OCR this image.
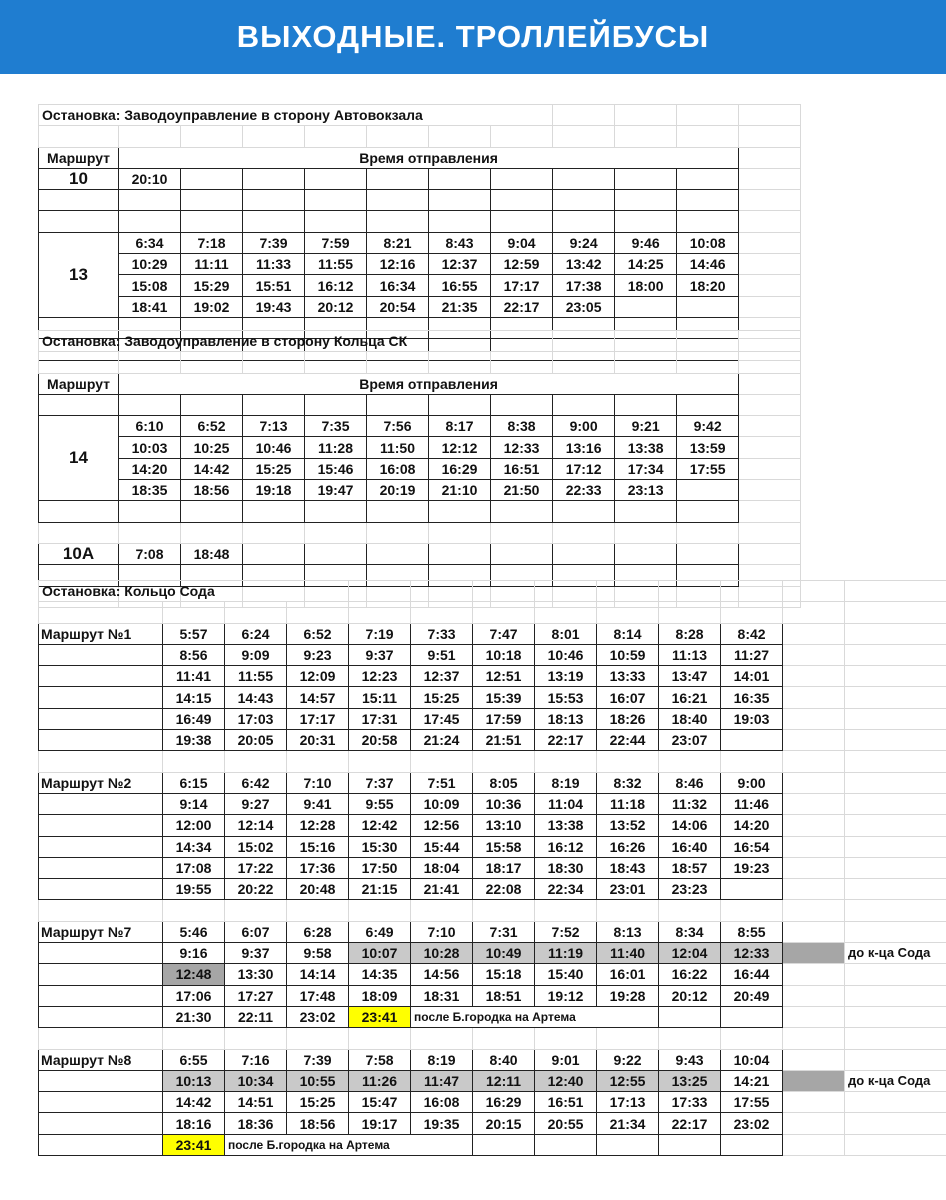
ВЫХОДНЫЕ. ТРОЛЛЕЙБУСЫ
Остановка: Заводоуправление в сторону Автовокзала											

Маршрут	Время отправления										
10	20:10										

13	6:34	7:18	7:39	7:59	8:21	8:43	9:04	9:24	9:46	10:08	
	10:29	11:11	11:33	11:55	12:16	12:37	12:59	13:42	14:25	14:46	
	15:08	15:29	15:51	16:12	16:34	16:55	17:17	17:38	18:00	18:20	
	18:41	19:02	19:43	20:12	20:54	21:35	22:17	23:05			

Остановка: Заводоуправление в сторону Кольца СК											

Маршрут	Время отправления										

14	6:10	6:52	7:13	7:35	7:56	8:17	8:38	9:00	9:21	9:42	
	10:03	10:25	10:46	11:28	11:50	12:12	12:33	13:16	13:38	13:59	
	14:20	14:42	15:25	15:46	16:08	16:29	16:51	17:12	17:34	17:55	
	18:35	18:56	19:18	19:47	20:19	21:10	21:50	22:33	23:13		

10А	7:08	18:48									

Остановка: Кольцо Сода												

Маршрут №1	5:57	6:24	6:52	7:19	7:33	7:47	8:01	8:14	8:28	8:42		
	8:56	9:09	9:23	9:37	9:51	10:18	10:46	10:59	11:13	11:27		
	11:41	11:55	12:09	12:23	12:37	12:51	13:19	13:33	13:47	14:01		
	14:15	14:43	14:57	15:11	15:25	15:39	15:53	16:07	16:21	16:35		
	16:49	17:03	17:17	17:31	17:45	17:59	18:13	18:26	18:40	19:03		
	19:38	20:05	20:31	20:58	21:24	21:51	22:17	22:44	23:07			

Маршрут №2	6:15	6:42	7:10	7:37	7:51	8:05	8:19	8:32	8:46	9:00		
	9:14	9:27	9:41	9:55	10:09	10:36	11:04	11:18	11:32	11:46		
	12:00	12:14	12:28	12:42	12:56	13:10	13:38	13:52	14:06	14:20		
	14:34	15:02	15:16	15:30	15:44	15:58	16:12	16:26	16:40	16:54		
	17:08	17:22	17:36	17:50	18:04	18:17	18:30	18:43	18:57	19:23		
	19:55	20:22	20:48	21:15	21:41	22:08	22:34	23:01	23:23			

Маршрут №7	5:46	6:07	6:28	6:49	7:10	7:31	7:52	8:13	8:34	8:55		
	9:16	9:37	9:58	10:07	10:28	10:49	11:19	11:40	12:04	12:33		до к-ца Сода
	12:48	13:30	14:14	14:35	14:56	15:18	15:40	16:01	16:22	16:44		
	17:06	17:27	17:48	18:09	18:31	18:51	19:12	19:28	20:12	20:49		
	21:30	22:11	23:02	23:41	после Б.городка на Артема							

Маршрут №8	6:55	7:16	7:39	7:58	8:19	8:40	9:01	9:22	9:43	10:04		
	10:13	10:34	10:55	11:26	11:47	12:11	12:40	12:55	13:25	14:21		до к-ца Сода
	14:42	14:51	15:25	15:47	16:08	16:29	16:51	17:13	17:33	17:55		
	18:16	18:36	18:56	19:17	19:35	20:15	20:55	21:34	22:17	23:02		
	23:41	после Б.городка на Артема										
